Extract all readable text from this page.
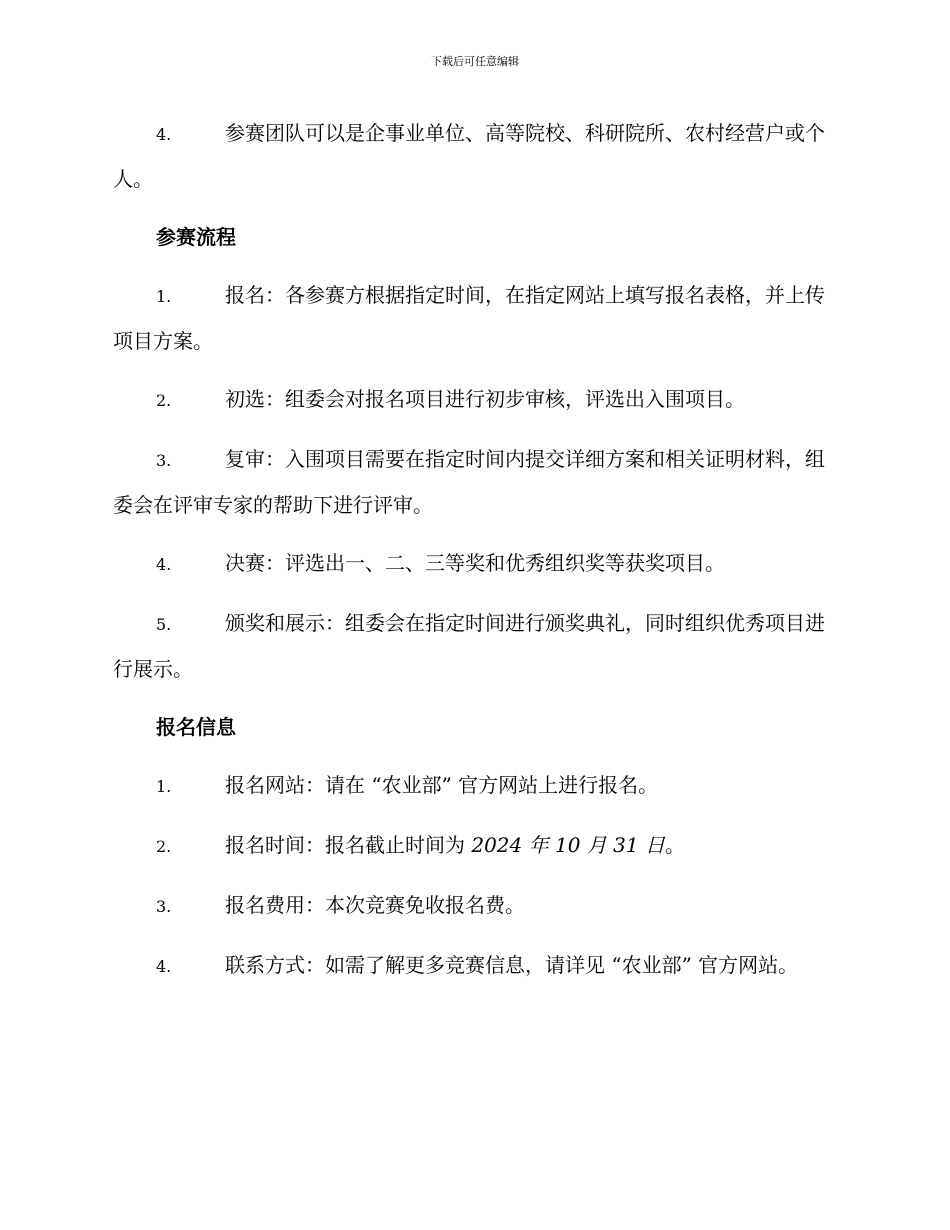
下载后可任意编辑

4.	参赛团队可以是企事业单位、高等院校、科研院所、农村经营户或个人。

参赛流程

1.	报名：各参赛方根据指定时间，在指定网站上填写报名表格，并上传项目方案。

2.	初选：组委会对报名项目进行初步审核，评选出入围项目。

3.	复审：入围项目需要在指定时间内提交详细方案和相关证明材料，组委会在评审专家的帮助下进行评审。

4.	决赛：评选出一、二、三等奖和优秀组织奖等获奖项目。

5.	颁奖和展示：组委会在指定时间进行颁奖典礼，同时组织优秀项目进行展示。

报名信息

1.	报名网站：请在 “农业部” 官方网站上进行报名。

2.	报名时间：报名截止时间为 2024 年 10 月 31 日。

3.	报名费用：本次竞赛免收报名费。

4.	联系方式：如需了解更多竞赛信息，请详见 “农业部” 官方网站。
